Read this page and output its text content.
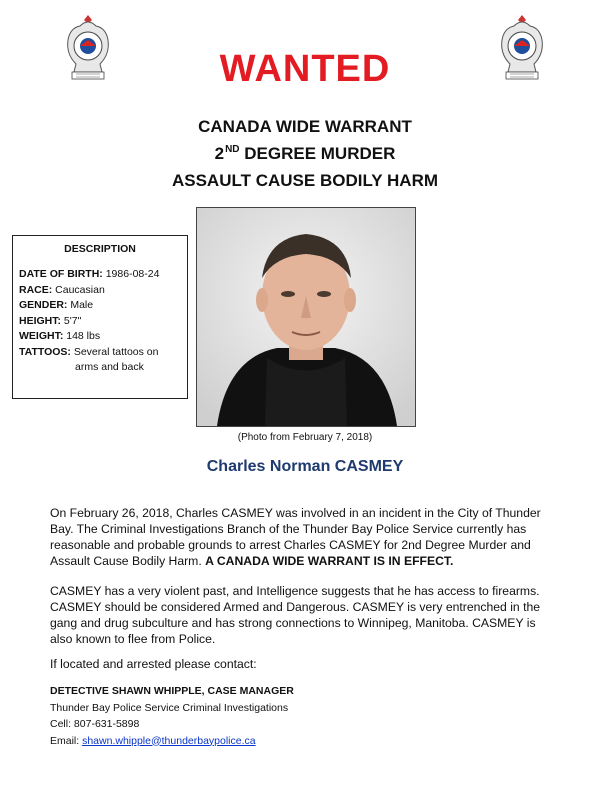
WANTED
CANADA WIDE WARRANT
2ND DEGREE MURDER
ASSAULT CAUSE BODILY HARM
DESCRIPTION
DATE OF BIRTH: 1986-08-24
RACE: Caucasian
GENDER: Male
HEIGHT: 5'7"
WEIGHT: 148 lbs
TATTOOS: Several tattoos on
arms and back
(Photo from February 7, 2018)
Charles Norman CASMEY
On February 26, 2018, Charles CASMEY was involved in an incident in the City of Thunder Bay. The Criminal Investigations Branch of the Thunder Bay Police Service currently has reasonable and probable grounds to arrest Charles CASMEY for 2nd Degree Murder and Assault Cause Bodily Harm. A CANADA WIDE WARRANT IS IN EFFECT.
CASMEY has a very violent past, and Intelligence suggests that he has access to firearms. CASMEY should be considered Armed and Dangerous. CASMEY is very entrenched in the gang and drug subculture and has strong connections to Winnipeg, Manitoba. CASMEY is also known to flee from Police.
If located and arrested please contact:
DETECTIVE SHAWN WHIPPLE, CASE MANAGER
Thunder Bay Police Service Criminal Investigations
Cell: 807-631-5898
Email: shawn.whipple@thunderbaypolice.ca
